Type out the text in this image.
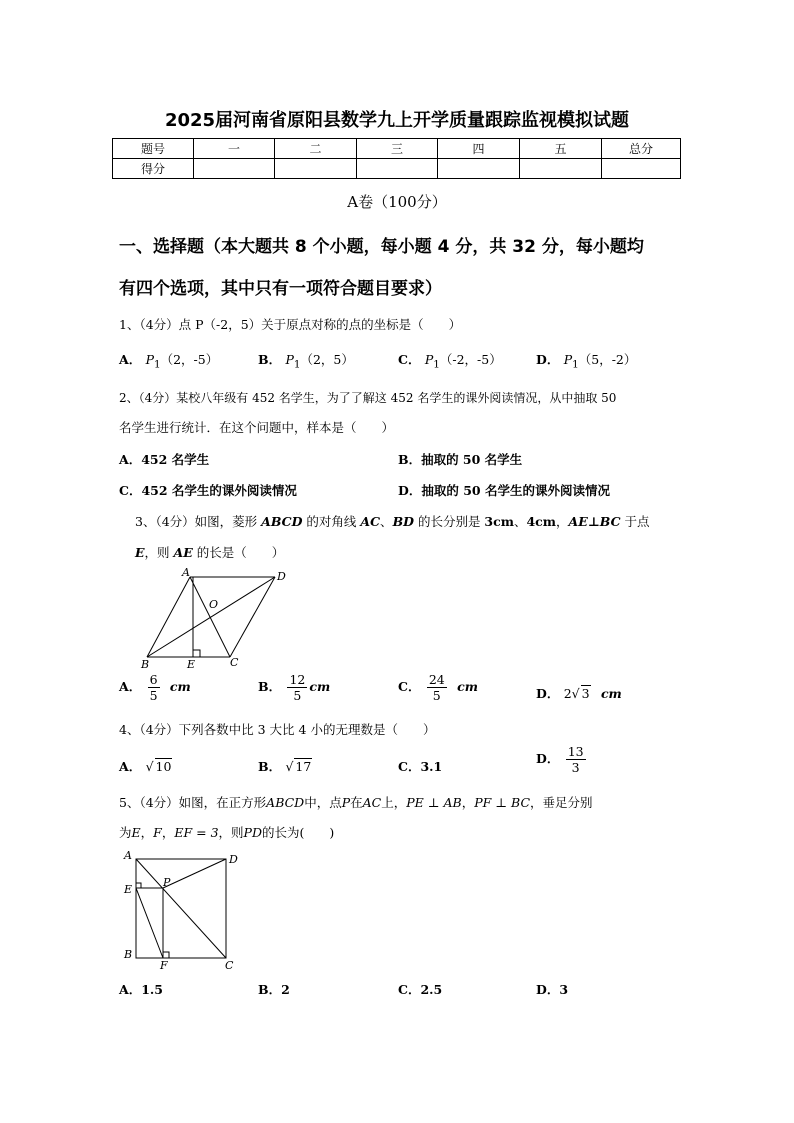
2025届河南省原阳县数学九上开学质量跟踪监视模拟试题
题号	一	二	三	四	五	总分
得分						
A卷（100分）
一、选择题（本大题共 8 个小题，每小题 4 分，共 32 分，每小题均
有四个选项，其中只有一项符合题目要求）
1、（4分）点 P（-2，5）关于原点对称的点的坐标是（　　）
A． $P_1(2$，-5）	B． $P_1(2$，5）	C． $P_1(-2$，-5）	D． $P_1(5$，-2）
2、（4分）某校八年级有 452 名学生，为了了解这 452 名学生的课外阅读情况，从中抽取 50
名学生进行统计．在这个问题中，样本是（　　）
A．452 名学生	B．抽取的 50 名学生
C．452 名学生的课外阅读情况	D．抽取的 50 名学生的课外阅读情况
3、（4分）如图，菱形 ABCD 的对角线 AC、BD 的长分别是 3cm、4cm，AE⊥BC 于点
E，则 AE 的长是（　　）
A	D
O
B	E	C
A． $\frac{6}{5}$ cm	B． $\frac{12}{5}$ cm	C． $\frac{24}{5}$ cm	D． 2√ 3 cm
4、（4分）下列各数中比 3 大比 4 小的无理数是（　　）
A． √ 10	B． √ 17	C．3.1
D． $\frac{13}{3}$
5、（4分）如图，在正方形ABCD中，点P在AC上，PE ⊥ AB，PF ⊥ BC，垂足分别
为E，F，EF = 3，则PD的长为(　　)
A	D
E
P
B
F	C
A．1.5	B．2	C．2.5	D．3
